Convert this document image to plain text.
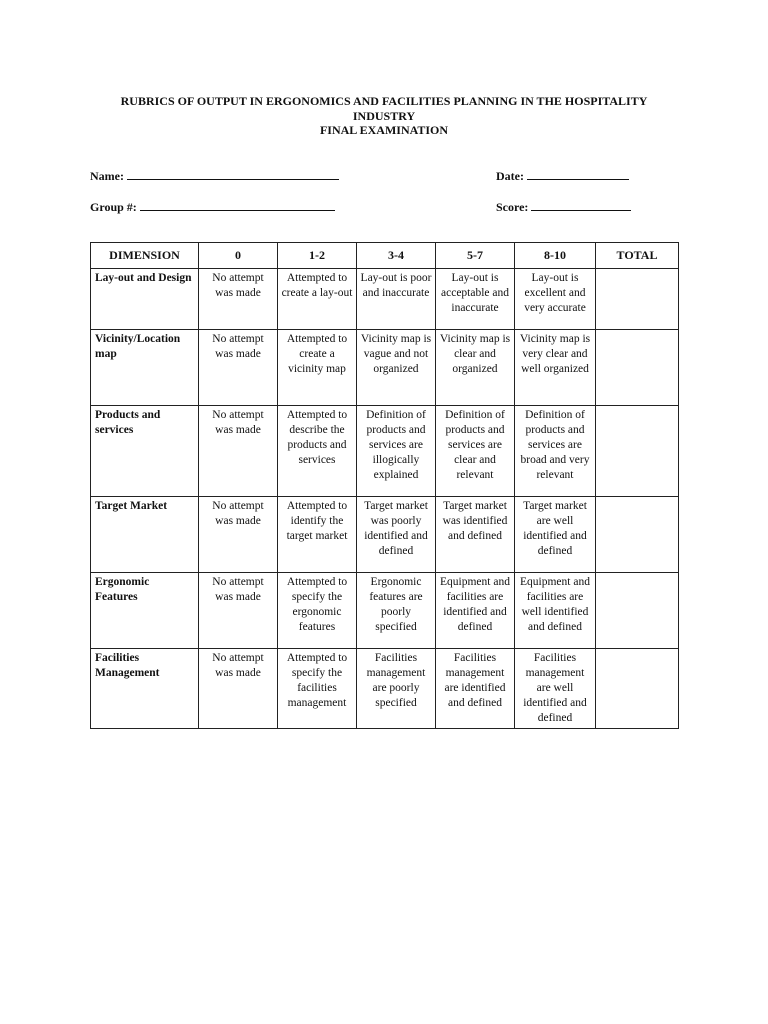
RUBRICS OF OUTPUT IN ERGONOMICS AND FACILITIES PLANNING IN THE HOSPITALITY
INDUSTRY
FINAL EXAMINATION
Name:	Date:
Group #:	Score:
DIMENSION	0	1-2	3-4	5-7	8-10	TOTAL
Lay-out and Design	No attempt was made	Attempted to create a lay-out	Lay-out is poor and inaccurate	Lay-out is acceptable and inaccurate	Lay-out is excellent and very accurate	
Vicinity/Location map	No attempt was made	Attempted to create a vicinity map	Vicinity map is vague and not organized	Vicinity map is clear and organized	Vicinity map is very clear and well organized	
Products and services	No attempt was made	Attempted to describe the products and services	Definition of products and services are illogically explained	Definition of products and services are clear and relevant	Definition of products and services are broad and very relevant	
Target Market	No attempt was made	Attempted to identify the target market	Target market was poorly identified and defined	Target market was identified and defined	Target market are well identified and defined	
Ergonomic Features	No attempt was made	Attempted to specify the ergonomic features	Ergonomic features are poorly specified	Equipment and facilities are identified and defined	Equipment and facilities are well identified and defined	
Facilities Management	No attempt was made	Attempted to specify the facilities management	Facilities management are poorly specified	Facilities management are identified and defined	Facilities management are well identified and defined	
